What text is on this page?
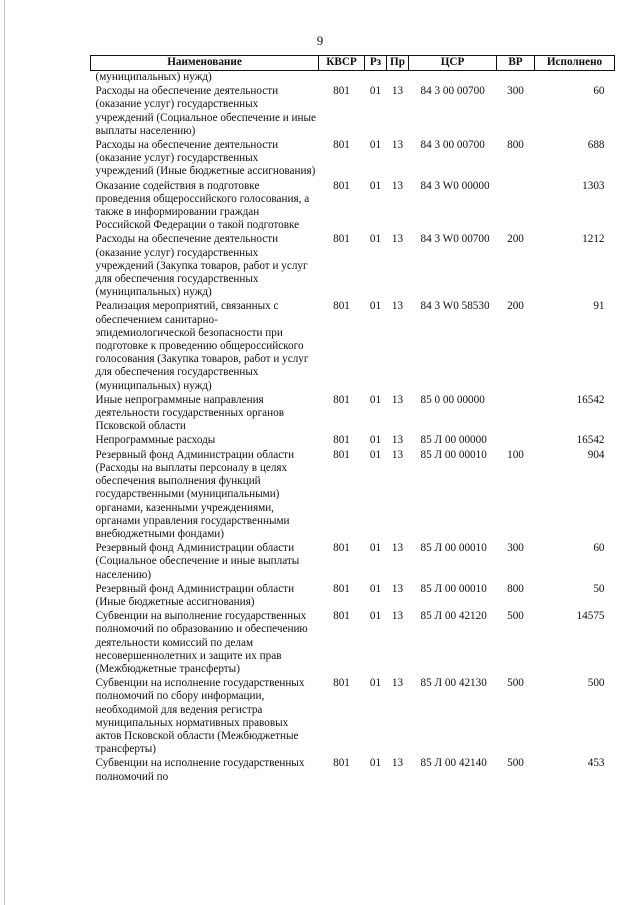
9
Наименование	КВСР	Рз	Пр	ЦСР	ВР	Исполнено
(муниципальных) нужд)						
Расходы на обеспечение деятельности (оказание услуг) государственных учреждений (Социальное обеспечение и иные выплаты населению)	801	01	13	84 3 00 00700	300	60
Расходы на обеспечение деятельности (оказание услуг) государственных учреждений (Иные бюджетные ассигнования)	801	01	13	84 3 00 00700	800	688
Оказание содействия в подготовке проведения общероссийского голосования, а также в информировании граждан Российской Федерации о такой подготовке	801	01	13	84 3 W0 00000		1303
Расходы на обеспечение деятельности (оказание услуг) государственных учреждений (Закупка товаров, работ и услуг для обеспечения государственных (муниципальных) нужд)	801	01	13	84 3 W0 00700	200	1212
Реализация мероприятий, связанных с обеспечением санитарно-эпидемиологической безопасности при подготовке к проведению общероссийского голосования (Закупка товаров, работ и услуг для обеспечения государственных (муниципальных) нужд)	801	01	13	84 3 W0 58530	200	91
Иные непрограммные направления деятельности государственных органов Псковской области	801	01	13	85 0 00 00000		16542
Непрограммные расходы	801	01	13	85 Л 00 00000		16542
Резервный фонд Администрации области (Расходы на выплаты персоналу в целях обеспечения выполнения функций государственными (муниципальными) органами, казенными учреждениями, органами управления государственными внебюджетными фондами)	801	01	13	85 Л 00 00010	100	904
Резервный фонд Администрации области (Социальное обеспечение и иные выплаты населению)	801	01	13	85 Л 00 00010	300	60
Резервный фонд Администрации области (Иные бюджетные ассигнования)	801	01	13	85 Л 00 00010	800	50
Субвенции на выполнение государственных полномочий по образованию и обеспечению деятельности комиссий по делам несовершеннолетних и защите их прав (Межбюджетные трансферты)	801	01	13	85 Л 00 42120	500	14575
Субвенции на исполнение государственных полномочий по сбору информации, необходимой для ведения регистра муниципальных нормативных правовых актов Псковской области (Межбюджетные трансферты)	801	01	13	85 Л 00 42130	500	500
Субвенции на исполнение государственных полномочий по	801	01	13	85 Л 00 42140	500	453
